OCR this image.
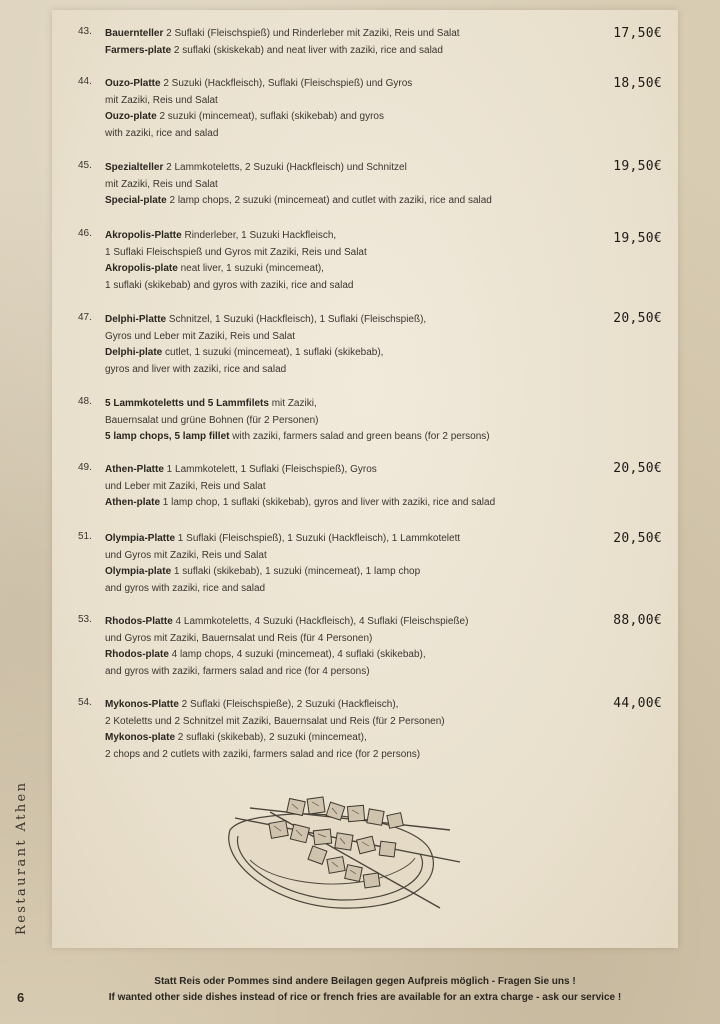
43.	Bauernteller 2 Suflaki (Fleischspieß) und Rinderleber mit Zaziki, Reis und Salat
Farmers-plate 2 suflaki (skiskekab) and neat liver with zaziki, rice and salad
17,50€
44.	Ouzo-Platte 2 Suzuki (Hackfleisch), Suflaki (Fleischspieß) und Gyros
mit Zaziki, Reis und Salat
Ouzo-plate 2 suzuki (mincemeat), suflaki (skikebab) and gyros
with zaziki, rice and salad
18,50€
45.	Spezialteller 2 Lammkoteletts, 2 Suzuki (Hackfleisch) und Schnitzel
mit Zaziki, Reis und Salat
Special-plate 2 lamp chops, 2 suzuki (mincemeat) and cutlet with zaziki, rice and salad
19,50€
46.	Akropolis-Platte Rinderleber, 1 Suzuki Hackfleisch,
1 Suflaki Fleischspieß und Gyros mit Zaziki, Reis und Salat
Akropolis-plate neat liver, 1 suzuki (mincemeat),
1 suflaki (skikebab) and gyros with zaziki, rice and salad
19,50€
47.	Delphi-Platte Schnitzel, 1 Suzuki (Hackfleisch), 1 Suflaki (Fleischspieß),
Gyros und Leber mit Zaziki, Reis und Salat
Delphi-plate cutlet, 1 suzuki (mincemeat), 1 suflaki (skikebab),
gyros and liver with zaziki, rice and salad
20,50€
48.	5 Lammkoteletts und 5 Lammfilets mit Zaziki,
Bauernsalat und grüne Bohnen (für 2 Personen)
5 lamp chops, 5 lamp fillet with zaziki, farmers salad and green beans (for 2 persons)
49.	Athen-Platte 1 Lammkotelett, 1 Suflaki (Fleischspieß), Gyros
und Leber mit Zaziki, Reis und Salat
Athen-plate 1 lamp chop, 1 suflaki (skikebab), gyros and liver with zaziki, rice and salad
20,50€
51.	Olympia-Platte 1 Suflaki (Fleischspieß), 1 Suzuki (Hackfleisch), 1 Lammkotelett
und Gyros mit Zaziki, Reis und Salat
Olympia-plate 1 suflaki (skikebab), 1 suzuki (mincemeat), 1 lamp chop
and gyros with zaziki, rice and salad
20,50€
53.	Rhodos-Platte 4 Lammkoteletts, 4 Suzuki (Hackfleisch), 4 Suflaki (Fleischspieße)
und Gyros mit Zaziki, Bauernsalat und Reis (für 4 Personen)
Rhodos-plate 4 lamp chops, 4 suzuki (mincemeat), 4 suflaki (skikebab),
and gyros with zaziki, farmers salad and rice (for 4 persons)
88,00€
54.	Mykonos-Platte 2 Suflaki (Fleischspieße), 2 Suzuki (Hackfleisch),
2 Koteletts und 2 Schnitzel mit Zaziki, Bauernsalat und Reis (für 2 Personen)
Mykonos-plate 2 suflaki (skikebab), 2 suzuki (mincemeat),
2 chops and 2 cutlets with zaziki, farmers salad and rice (for 2 persons)
44,00€
Restaurant Athen
6
Statt Reis oder Pommes sind andere Beilagen gegen Aufpreis möglich - Fragen Sie uns !
If wanted other side dishes instead of rice or french fries are available for an extra charge - ask our service !
